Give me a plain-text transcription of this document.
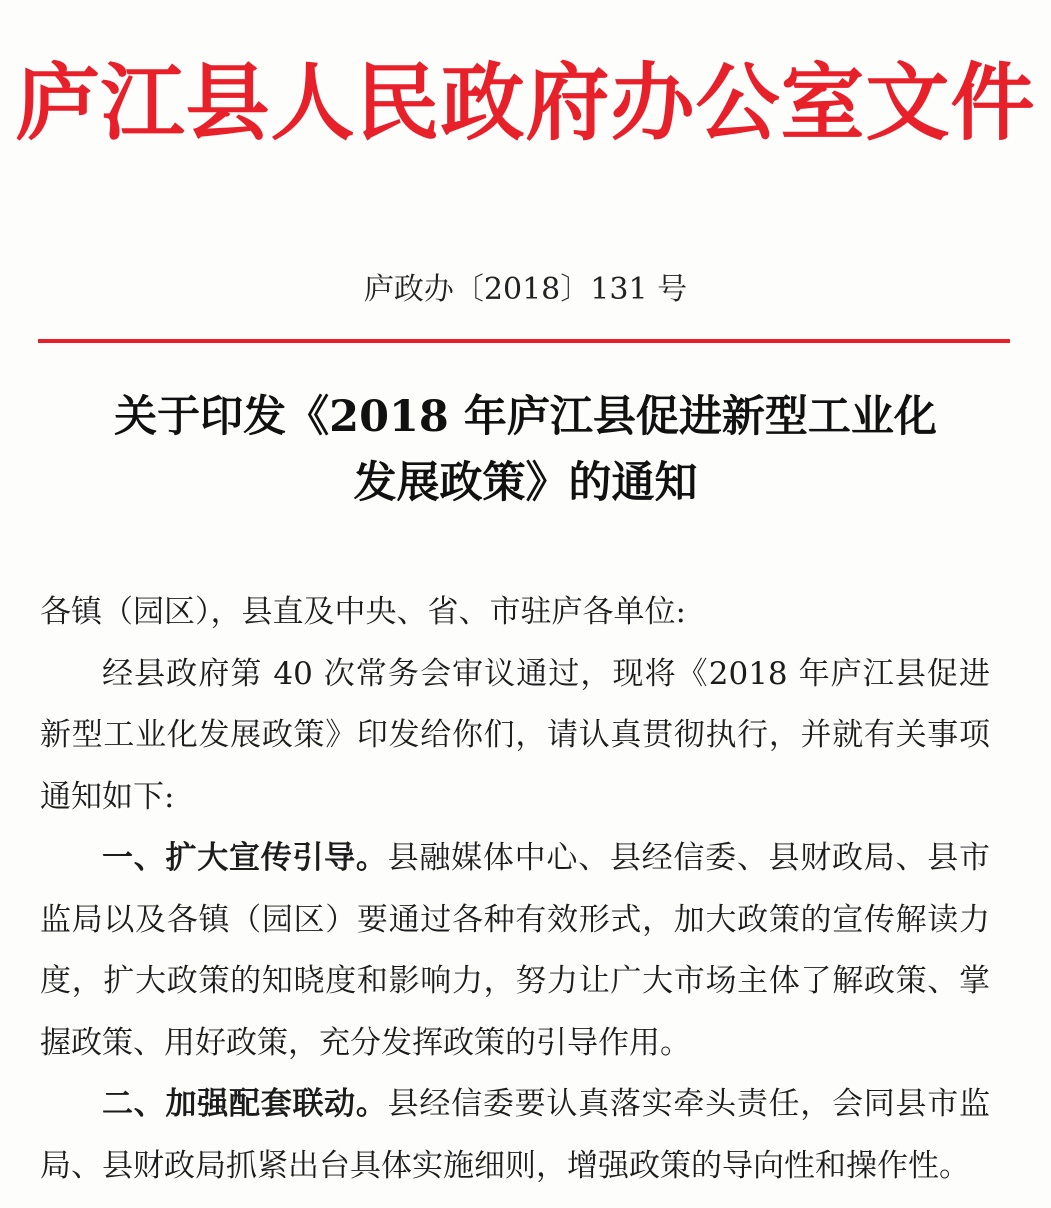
庐江县人民政府办公室文件
庐政办〔2018〕131 号
关于印发《2018 年庐江县促进新型工业化
发展政策》的通知

各镇（园区），县直及中央、省、市驻庐各单位:

经县政府第 40 次常务会审议通过，现将《2018 年庐江县促进新型工业化发展政策》印发给你们，请认真贯彻执行，并就有关事项通知如下:

一、扩大宣传引导。县融媒体中心、县经信委、县财政局、县市监局以及各镇（园区）要通过各种有效形式，加大政策的宣传解读力度，扩大政策的知晓度和影响力，努力让广大市场主体了解政策、掌握政策、用好政策，充分发挥政策的引导作用。

二、加强配套联动。县经信委要认真落实牵头责任，会同县市监局、县财政局抓紧出台具体实施细则，增强政策的导向性和操作性。
